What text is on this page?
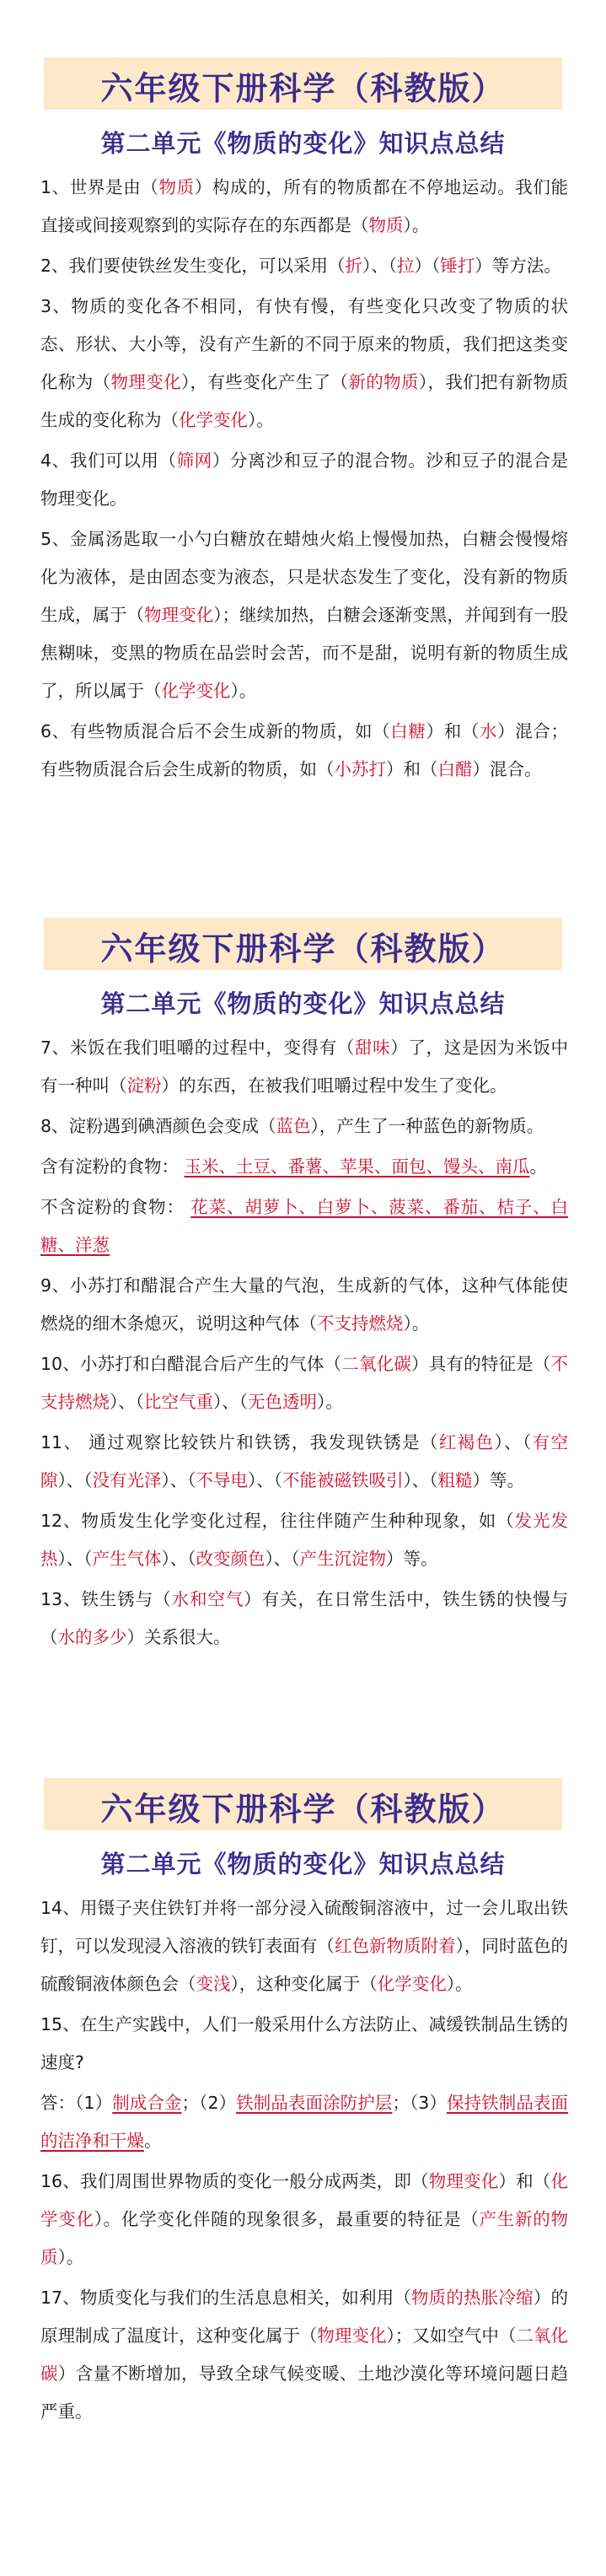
六年级下册科学（科教版）
第二单元《物质的变化》知识点总结

1、世界是由（物质）构成的，所有的物质都在不停地运动。我们能直接或间接观察到的实际存在的东西都是（物质）。

2、我们要使铁丝发生变化，可以采用（折）、（拉）（锤打）等方法。

3、物质的变化各不相同，有快有慢，有些变化只改变了物质的状态、形状、大小等，没有产生新的不同于原来的物质，我们把这类变化称为（物理变化），有些变化产生了（新的物质），我们把有新物质生成的变化称为（化学变化）。

4、我们可以用（筛网）分离沙和豆子的混合物。沙和豆子的混合是物理变化。

5、金属汤匙取一小勺白糖放在蜡烛火焰上慢慢加热，白糖会慢慢熔化为液体，是由固态变为液态，只是状态发生了变化，没有新的物质生成，属于（物理变化）；继续加热，白糖会逐渐变黑，并闻到有一股焦糊味，变黑的物质在品尝时会苦，而不是甜，说明有新的物质生成了，所以属于（化学变化）。

6、有些物质混合后不会生成新的物质，如（白糖）和（水）混合；有些物质混合后会生成新的物质，如（小苏打）和（白醋）混合。

六年级下册科学（科教版）
第二单元《物质的变化》知识点总结

7、米饭在我们咀嚼的过程中，变得有（甜味）了，这是因为米饭中有一种叫（淀粉）的东西，在被我们咀嚼过程中发生了变化。

8、淀粉遇到碘酒颜色会变成（蓝色），产生了一种蓝色的新物质。

含有淀粉的食物： 玉米、土豆、番薯、苹果、面包、馒头、南瓜。

不含淀粉的食物： 花菜、胡萝卜、白萝卜、菠菜、番茄、桔子、白糖、洋葱

9、小苏打和醋混合产生大量的气泡，生成新的气体，这种气体能使燃烧的细木条熄灭，说明这种气体（不支持燃烧）。

10、小苏打和白醋混合后产生的气体（二氧化碳）具有的特征是（不支持燃烧）、（比空气重）、（无色透明）。

11、 通过观察比较铁片和铁锈，我发现铁锈是（红褐色）、（有空隙）、（没有光泽）、（不导电）、（不能被磁铁吸引）、（粗糙）等。

12、物质发生化学变化过程，往往伴随产生种种现象，如（发光发热）、（产生气体）、（改变颜色）、（产生沉淀物）等。

13、铁生锈与（水和空气）有关，在日常生活中，铁生锈的快慢与（水的多少）关系很大。

六年级下册科学（科教版）
第二单元《物质的变化》知识点总结

14、用镊子夹住铁钉并将一部分浸入硫酸铜溶液中，过一会儿取出铁钉，可以发现浸入溶液的铁钉表面有（红色新物质附着），同时蓝色的硫酸铜液体颜色会（变浅），这种变化属于（化学变化）。

15、在生产实践中，人们一般采用什么方法防止、减缓铁制品生锈的速度?

答：（1）制成合金；（2）铁制品表面涂防护层；（3）保持铁制品表面的洁净和干燥。

16、我们周围世界物质的变化一般分成两类，即（物理变化）和（化学变化）。化学变化伴随的现象很多，最重要的特征是（产生新的物质）。

17、物质变化与我们的生活息息相关，如利用（物质的热胀冷缩）的原理制成了温度计，这种变化属于（物理变化）；又如空气中（二氧化碳）含量不断增加，导致全球气候变暖、土地沙漠化等环境问题日趋严重。
